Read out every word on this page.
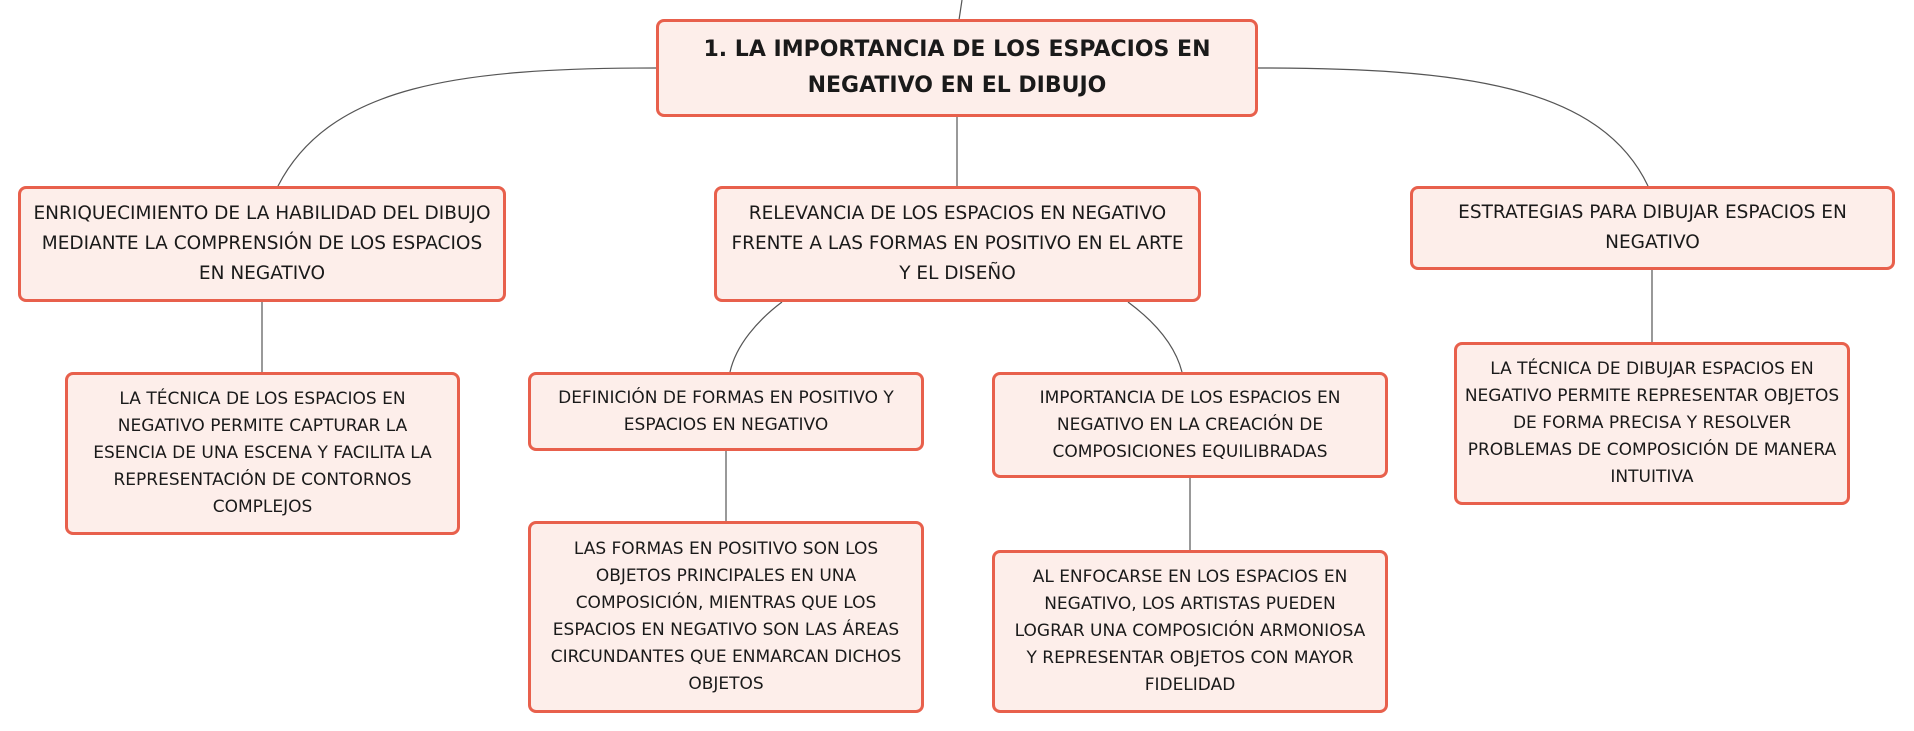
1. LA IMPORTANCIA DE LOS ESPACIOS EN NEGATIVO EN EL DIBUJO
ENRIQUECIMIENTO DE LA HABILIDAD DEL DIBUJO MEDIANTE LA COMPRENSIÓN DE LOS ESPACIOS EN NEGATIVO
LA TÉCNICA DE LOS ESPACIOS EN NEGATIVO PERMITE CAPTURAR LA ESENCIA DE UNA ESCENA Y FACILITA LA REPRESENTACIÓN DE CONTORNOS COMPLEJOS
RELEVANCIA DE LOS ESPACIOS EN NEGATIVO FRENTE A LAS FORMAS EN POSITIVO EN EL ARTE Y EL DISEÑO
DEFINICIÓN DE FORMAS EN POSITIVO Y ESPACIOS EN NEGATIVO
LAS FORMAS EN POSITIVO SON LOS OBJETOS PRINCIPALES EN UNA COMPOSICIÓN, MIENTRAS QUE LOS ESPACIOS EN NEGATIVO SON LAS ÁREAS CIRCUNDANTES QUE ENMARCAN DICHOS OBJETOS
IMPORTANCIA DE LOS ESPACIOS EN NEGATIVO EN LA CREACIÓN DE COMPOSICIONES EQUILIBRADAS
AL ENFOCARSE EN LOS ESPACIOS EN NEGATIVO, LOS ARTISTAS PUEDEN LOGRAR UNA COMPOSICIÓN ARMONIOSA Y REPRESENTAR OBJETOS CON MAYOR FIDELIDAD
ESTRATEGIAS PARA DIBUJAR ESPACIOS EN NEGATIVO
LA TÉCNICA DE DIBUJAR ESPACIOS EN NEGATIVO PERMITE REPRESENTAR OBJETOS DE FORMA PRECISA Y RESOLVER PROBLEMAS DE COMPOSICIÓN DE MANERA INTUITIVA
